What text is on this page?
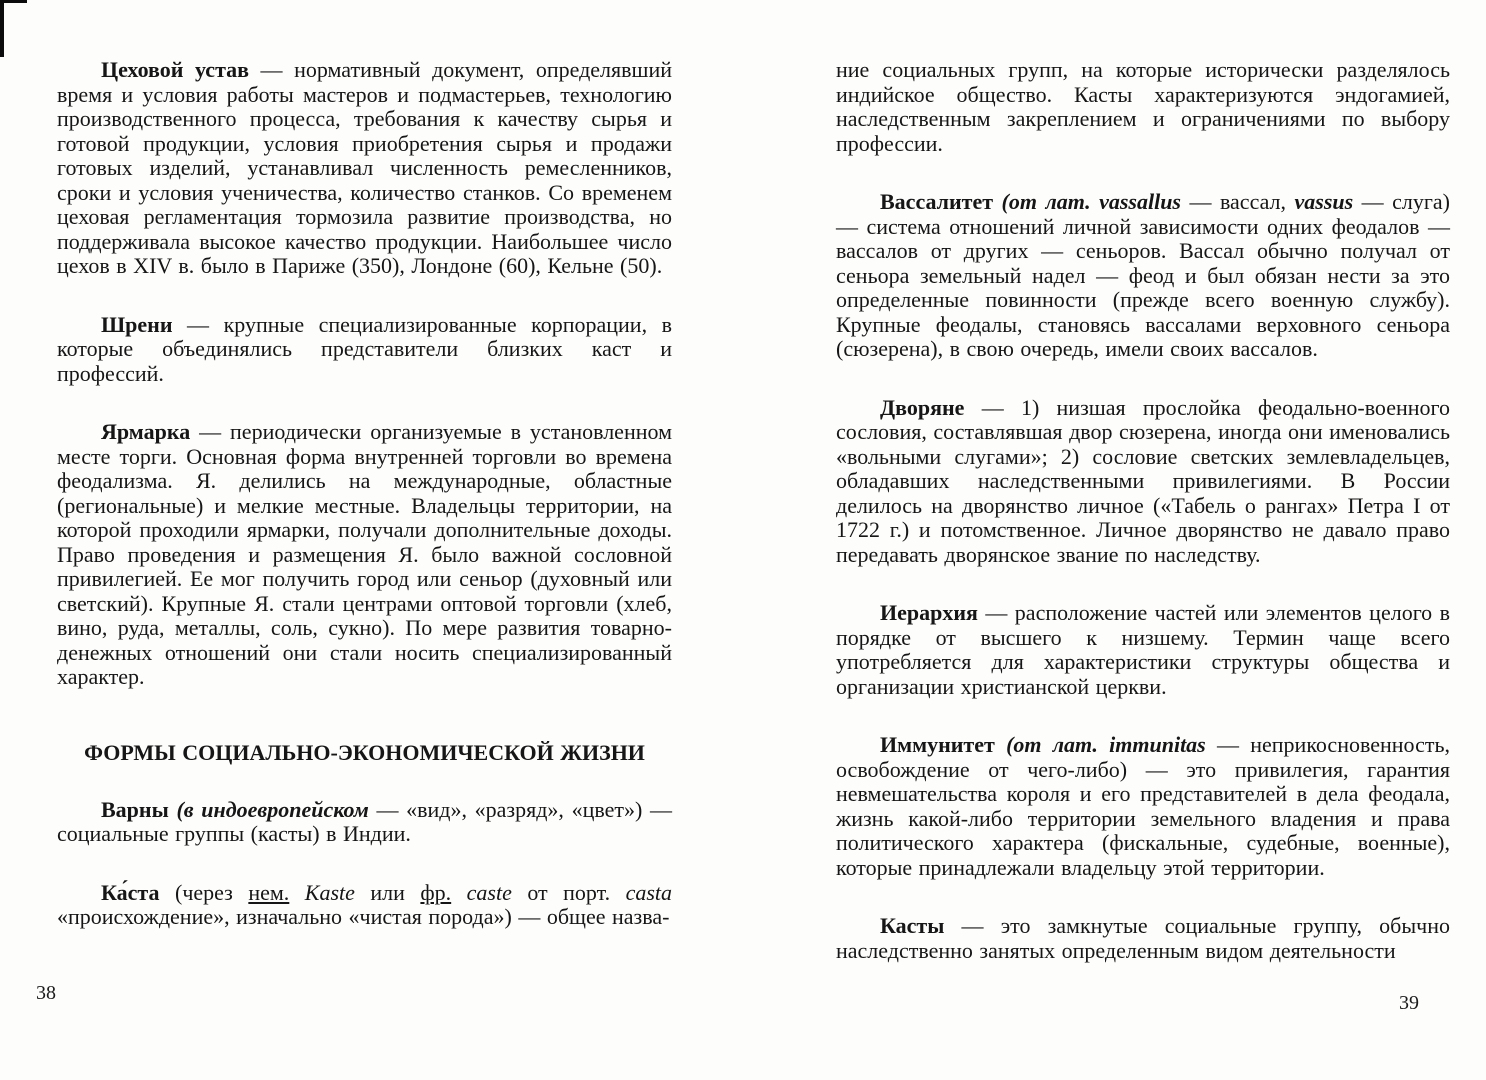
Цеховой устав — нормативный документ, определявший время и условия работы мастеров и подмастерьев, технологию производственного процесса, требования к качеству сырья и готовой продукции, условия приобретения сырья и продажи готовых изделий, устанавливал численность ремесленников, сроки и условия ученичества, количество станков. Со временем цеховая регламентация тормозила развитие производства, но поддерживала высокое качество продукции. Наибольшее число цехов в XIV в. было в Париже (350), Лондоне (60), Кельне (50).

Шрени — крупные специализированные корпорации, в которые объединялись представители близких каст и профессий.

Ярмарка — периодически организуемые в установленном месте торги. Основная форма внутренней торговли во времена феодализма. Я. делились на международные, областные (региональные) и мелкие местные. Владельцы территории, на которой проходили ярмарки, получали дополнительные доходы. Право проведения и размещения Я. было важной сословной привилегией. Ее мог получить город или сеньор (духовный или светский). Крупные Я. стали центрами оптовой торговли (хлеб, вино, руда, металлы, соль, сукно). По мере развития товарно-денежных отношений они стали носить специализированный характер.

ФОРМЫ СОЦИАЛЬНО-ЭКОНОМИЧЕСКОЙ ЖИЗНИ

Варны (в индоевропейском — «вид», «разряд», «цвет») — социальные группы (касты) в Индии.

Ка́ста (через нем. Kaste или фр. caste от порт. casta «происхождение», изначально «чистая порода») — общее назва-

ние социальных групп, на которые исторически разделялось индийское общество. Касты характеризуются эндогамией, наследственным закреплением и ограничениями по выбору профессии.

Вассалитет (от лат. vassallus — вассал, vassus — слуга) — система отношений личной зависимости одних феодалов — вассалов от других — сеньоров. Вассал обычно получал от сеньора земельный надел — феод и был обязан нести за это определенные повинности (прежде всего военную службу). Крупные феодалы, становясь вассалами верховного сеньора (сюзерена), в свою очередь, имели своих вассалов.

Дворяне — 1) низшая прослойка феодально-военного сословия, составлявшая двор сюзерена, иногда они именовались «вольными слугами»; 2) сословие светских землевладельцев, обладавших наследственными привилегиями. В России делилось на дворянство личное («Табель о рангах» Петра I от 1722 г.) и потомственное. Личное дворянство не давало право передавать дворянское звание по наследству.

Иерархия — расположение частей или элементов целого в порядке от высшего к низшему. Термин чаще всего употребляется для характеристики структуры общества и организации христианской церкви.

Иммунитет (от лат. immunitas — неприкосновенность, освобождение от чего-либо) — это привилегия, гарантия невмешательства короля и его представителей в дела феодала, жизнь какой-либо территории земельного владения и права политического характера (фискальные, судебные, военные), которые принадлежали владельцу этой территории.

Касты — это замкнутые социальные группу, обычно наследственно занятых определенным видом деятельности

38	39
